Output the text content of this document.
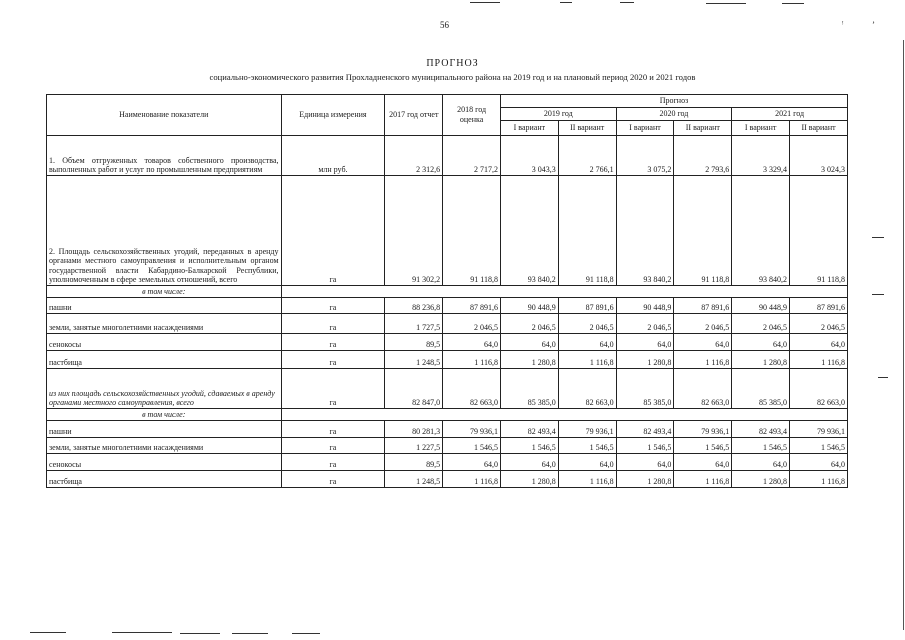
56
ПРОГНОЗ
социально-экономического развития Прохладненского муниципального района на 2019 год и на плановый период 2020 и 2021 годов
Наименование показатели	Единица измерения	2017 год отчет	2018 год оценка	Прогноз					
				2019 год		2020 год		2021 год	
				I вариант	II вариант	I вариант	II вариант	I вариант	II вариант
1. Объем отгруженных товаров собственного производства, выполненных работ и услуг по промышленным предприятиям	млн руб.	2 312,6	2 717,2	3 043,3	2 766,1	3 075,2	2 793,6	3 329,4	3 024,3
2. Площадь сельскохозяйственных угодий, переданных в аренду органами местного самоуправления и исполнительным органом государственной власти Кабардино-Балкарской Республики, уполномоченным в сфере земельных отношений, всего	га	91 302,2	91 118,8	93 840,2	91 118,8	93 840,2	91 118,8	93 840,2	91 118,8
в том числе:									
пашни	га	88 236,8	87 891,6	90 448,9	87 891,6	90 448,9	87 891,6	90 448,9	87 891,6
земли, занятые многолетними насаждениями	га	1 727,5	2 046,5	2 046,5	2 046,5	2 046,5	2 046,5	2 046,5	2 046,5
сенокосы	га	89,5	64,0	64,0	64,0	64,0	64,0	64,0	64,0
пастбища	га	1 248,5	1 116,8	1 280,8	1 116,8	1 280,8	1 116,8	1 280,8	1 116,8
из них площадь сельскохозяйственных угодий, сдаваемых в аренду органами местного самоуправления, всего	га	82 847,0	82 663,0	85 385,0	82 663,0	85 385,0	82 663,0	85 385,0	82 663,0
в том числе:									
пашни	га	80 281,3	79 936,1	82 493,4	79 936,1	82 493,4	79 936,1	82 493,4	79 936,1
земли, занятые многолетними насаждениями	га	1 227,5	1 546,5	1 546,5	1 546,5	1 546,5	1 546,5	1 546,5	1 546,5
сенокосы	га	89,5	64,0	64,0	64,0	64,0	64,0	64,0	64,0
пастбища	га	1 248,5	1 116,8	1 280,8	1 116,8	1 280,8	1 116,8	1 280,8	1 116,8
ᵎ	ʼ
